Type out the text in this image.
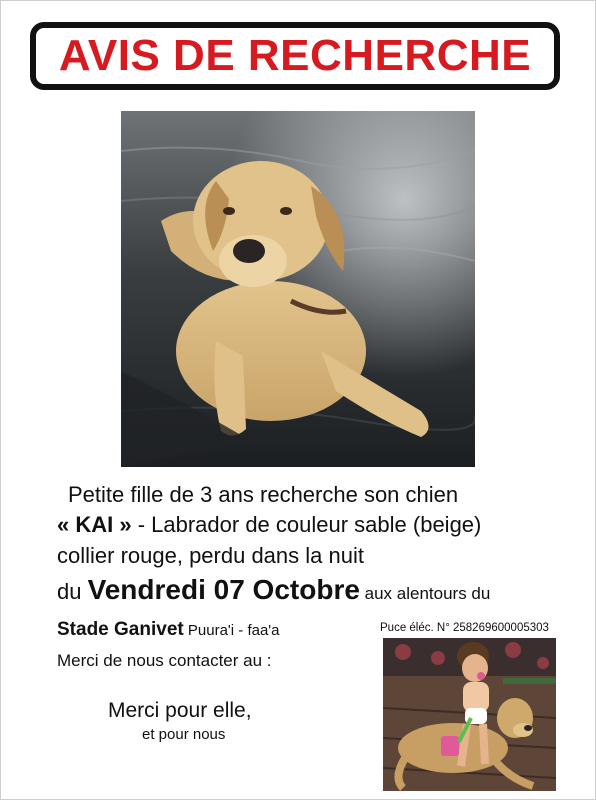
AVIS DE RECHERCHE
Petite fille de 3 ans recherche son chien
« KAI » - Labrador de couleur sable (beige)
collier rouge, perdu dans la nuit
du Vendredi 07 Octobre aux alentours du
Stade Ganivet Puura'i - faa'a	Puce éléc. N° 258269600005303
Merci de nous contacter au :
Merci pour elle,
et pour nous
